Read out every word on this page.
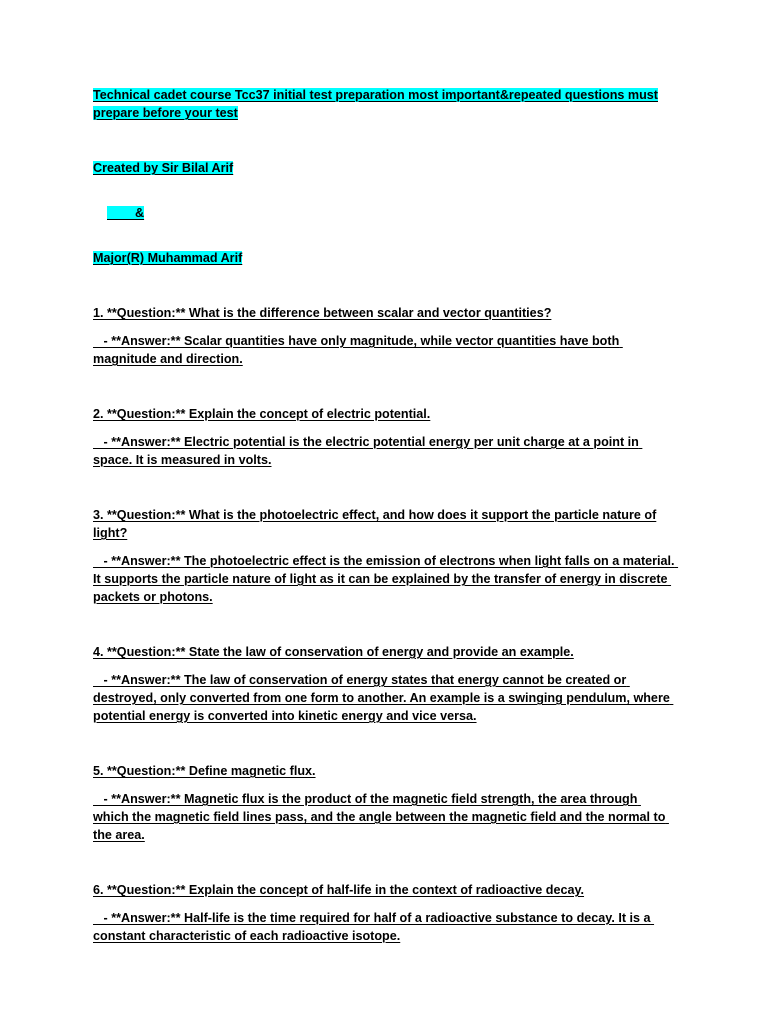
Technical cadet course Tcc37 initial test preparation most important&repeated questions must prepare before your test
Created by Sir Bilal Arif

&

Major(R) Muhammad Arif
1. **Question:** What is the difference between scalar and vector quantities?
- **Answer:** Scalar quantities have only magnitude, while vector quantities have both magnitude and direction.
2. **Question:** Explain the concept of electric potential.
- **Answer:** Electric potential is the electric potential energy per unit charge at a point in space. It is measured in volts.
3. **Question:** What is the photoelectric effect, and how does it support the particle nature of light?
- **Answer:** The photoelectric effect is the emission of electrons when light falls on a material. It supports the particle nature of light as it can be explained by the transfer of energy in discrete packets or photons.
4. **Question:** State the law of conservation of energy and provide an example.
- **Answer:** The law of conservation of energy states that energy cannot be created or destroyed, only converted from one form to another. An example is a swinging pendulum, where potential energy is converted into kinetic energy and vice versa.
5. **Question:** Define magnetic flux.
- **Answer:** Magnetic flux is the product of the magnetic field strength, the area through which the magnetic field lines pass, and the angle between the magnetic field and the normal to the area.
6. **Question:** Explain the concept of half-life in the context of radioactive decay.
- **Answer:** Half-life is the time required for half of a radioactive substance to decay. It is a constant characteristic of each radioactive isotope.
